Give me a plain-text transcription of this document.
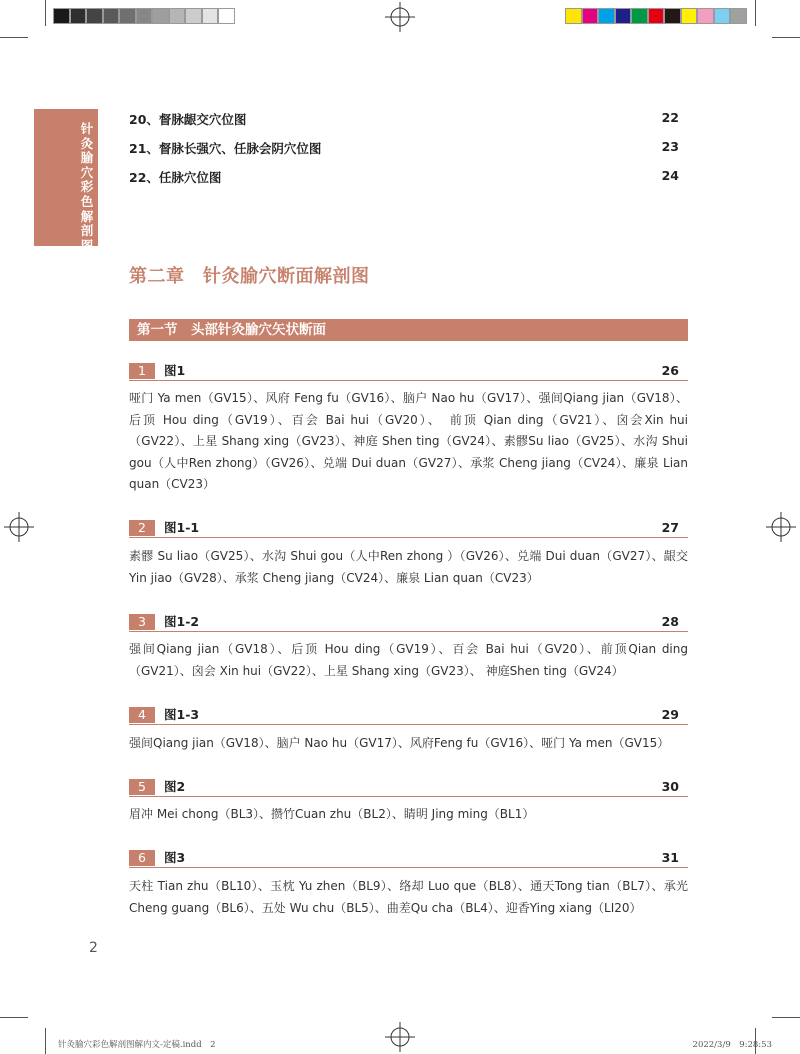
针灸腧穴彩色解剖图解
20、督脉龈交穴位图	22
21、督脉长强穴、任脉会阴穴位图	23
22、任脉穴位图	24
第二章　针灸腧穴断面解剖图
第一节　头部针灸腧穴矢状断面
1	图1	26
哑门 Ya men（GV15）、风府 Feng fu（GV16）、脑户 Nao hu（GV17）、强间Qiang jian（GV18）、后顶 Hou ding（GV19）、百会 Bai hui（GV20）、　前顶 Qian ding（GV21）、囟会Xin hui（GV22）、上星 Shang xing（GV23）、神庭 Shen ting（GV24）、素髎Su liao（GV25）、水沟 Shui gou（人中Ren zhong）（GV26）、兑端 Dui duan（GV27）、承浆 Cheng jiang（CV24）、廉泉 Lian quan（CV23）
2	图1-1	27
素髎 Su liao（GV25）、水沟 Shui gou（人中Ren zhong ）（GV26）、兑端 Dui duan（GV27）、龈交Yin jiao（GV28）、承浆 Cheng jiang（CV24）、廉泉 Lian quan（CV23）
3	图1-2	28
强间Qiang jian（GV18）、后顶 Hou ding（GV19）、百会 Bai hui（GV20）、前顶Qian ding（GV21）、囟会 Xin hui（GV22）、上星 Shang xing（GV23）、 神庭Shen ting（GV24）
4	图1-3	29
强间Qiang jian（GV18）、脑户 Nao hu（GV17）、风府Feng fu（GV16）、哑门 Ya men（GV15）
5	图2	30
眉冲 Mei chong（BL3）、攒竹Cuan zhu（BL2）、睛明 Jing ming（BL1）
6	图3	31
天柱 Tian zhu（BL10）、玉枕 Yu zhen（BL9）、络却 Luo que（BL8）、通天Tong tian（BL7）、承光Cheng guang（BL6）、五处 Wu chu（BL5）、曲差Qu cha（BL4）、迎香Ying xiang（LI20）
2
针灸腧穴彩色解剖图解内文-定稿.indd　2	2022/3/9　9:28:53
